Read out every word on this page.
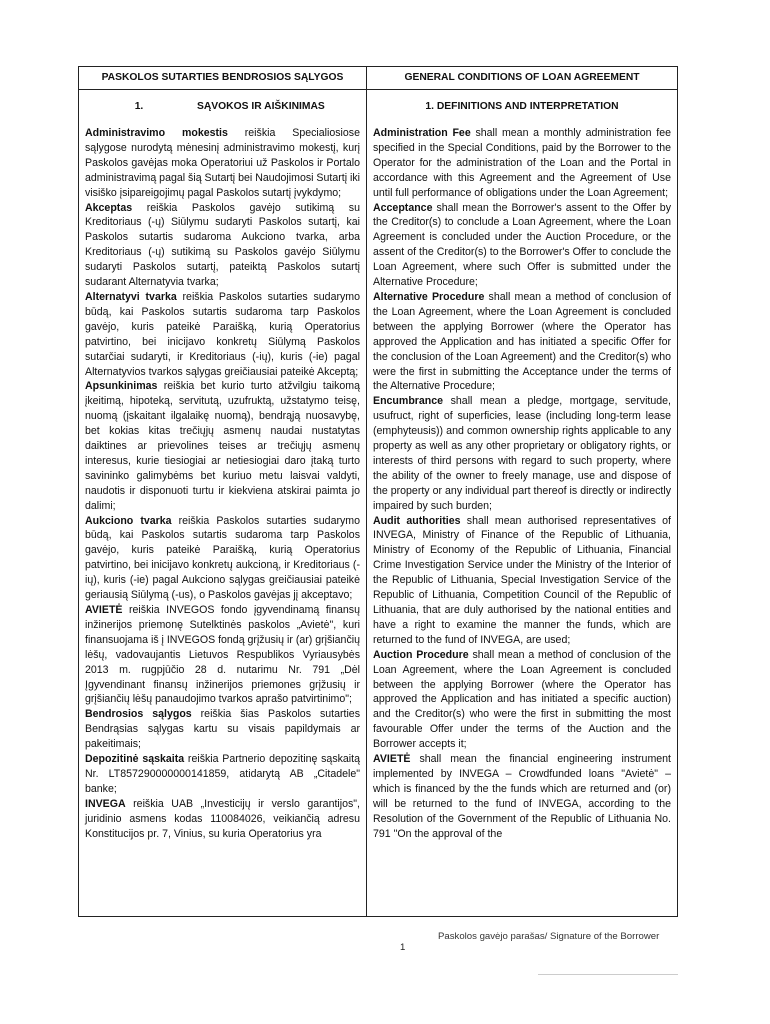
PASKOLOS SUTARTIES BENDROSIOS SĄLYGOS
1.	SĄVOKOS IR AIŠKINIMAS

Administravimo mokestis reiškia Specialiosiose sąlygose nurodytą mėnesinį administravimo mokestį, kurį Paskolos gavėjas moka Operatoriui už Paskolos ir Portalo administravimą pagal šią Sutartį bei Naudojimosi Sutartį iki visiško įsipareigojimų pagal Paskolos sutartį įvykdymo;

Akceptas reiškia Paskolos gavėjo sutikimą su Kreditoriaus (-ų) Siūlymu sudaryti Paskolos sutartį, kai Paskolos sutartis sudaroma Aukciono tvarka, arba Kreditoriaus (-ų) sutikimą su Paskolos gavėjo Siūlymu sudaryti Paskolos sutartį, pateiktą Paskolos sutartį sudarant Alternatyvia tvarka;

Alternatyvi tvarka reiškia Paskolos sutarties sudarymo būdą, kai Paskolos sutartis sudaroma tarp Paskolos gavėjo, kuris pateikė Paraišką, kurią Operatorius patvirtino, bei inicijavo konkretų Siūlymą Paskolos sutarčiai sudaryti, ir Kreditoriaus (-ių), kuris (-ie) pagal Alternatyvios tvarkos sąlygas greičiausiai pateikė Akceptą;

Apsunkinimas reiškia bet kurio turto atžvilgiu taikomą įkeitimą, hipoteką, servitutą, uzufruktą, užstatymo teisę, nuomą (įskaitant ilgalaikę nuomą), bendrąją nuosavybę, bet kokias kitas trečiųjų asmenų naudai nustatytas daiktines ar prievolines teises ar trečiųjų asmenų interesus, kurie tiesiogiai ar netiesiogiai daro įtaką turto savininko galimybėms bet kuriuo metu laisvai valdyti, naudotis ir disponuoti turtu ir kiekviena atskirai paimta jo dalimi;

Aukciono tvarka reiškia Paskolos sutarties sudarymo būdą, kai Paskolos sutartis sudaroma tarp Paskolos gavėjo, kuris pateikė Paraišką, kurią Operatorius patvirtino, bei inicijavo konkretų aukcioną, ir Kreditoriaus (-ių), kuris (-ie) pagal Aukciono sąlygas greičiausiai pateikė geriausią Siūlymą (-us), o Paskolos gavėjas jį akceptavo;

AVIETĖ reiškia INVEGOS fondo įgyvendinamą finansų inžinerijos priemonę Sutelktinės paskolos „Avietė", kuri finansuojama iš į INVEGOS fondą grįžusių ir (ar) grįšiančių lėšų, vadovaujantis Lietuvos Respublikos Vyriausybės 2013 m. rugpjūčio 28 d. nutarimu Nr. 791 „Dėl Įgyvendinant finansų inžinerijos priemones grįžusių ir grįšiančių lėšų panaudojimo tvarkos aprašo patvirtinimo";

Bendrosios sąlygos reiškia šias Paskolos sutarties Bendrąsias sąlygas kartu su visais papildymais ar pakeitimais;

Depozitinė sąskaita reiškia Partnerio depozitinę sąskaitą Nr. LT857290000000141859, atidarytą AB „Citadele" banke;

INVEGA reiškia UAB „Investicijų ir verslo garantijos", juridinio asmens kodas 110084026, veikiančią adresu Konstitucijos pr. 7, Vinius, su kuria Operatorius yra

GENERAL CONDITIONS OF LOAN AGREEMENT
1. DEFINITIONS AND INTERPRETATION

Administration Fee shall mean a monthly administration fee specified in the Special Conditions, paid by the Borrower to the Operator for the administration of the Loan and the Portal in accordance with this Agreement and the Agreement of Use until full performance of obligations under the Loan Agreement;

Acceptance shall mean the Borrower's assent to the Offer by the Creditor(s) to conclude a Loan Agreement, where the Loan Agreement is concluded under the Auction Procedure, or the assent of the Creditor(s) to the Borrower's Offer to conclude the Loan Agreement, where such Offer is submitted under the Alternative Procedure;

Alternative Procedure shall mean a method of conclusion of the Loan Agreement, where the Loan Agreement is concluded between the applying Borrower (where the Operator has approved the Application and has initiated a specific Offer for the conclusion of the Loan Agreement) and the Creditor(s) who were the first in submitting the Acceptance under the terms of the Alternative Procedure;

Encumbrance shall mean a pledge, mortgage, servitude, usufruct, right of superficies, lease (including long-term lease (emphyteusis)) and common ownership rights applicable to any property as well as any other proprietary or obligatory rights, or interests of third persons with regard to such property, where the ability of the owner to freely manage, use and dispose of the property or any individual part thereof is directly or indirectly impaired by such burden;

Audit authorities shall mean authorised representatives of INVEGA, Ministry of Finance of the Republic of Lithuania, Ministry of Economy of the Republic of Lithuania, Financial Crime Investigation Service under the Ministry of the Interior of the Republic of Lithuania, Special Investigation Service of the Republic of Lithuania, Competition Council of the Republic of Lithuania, that are duly authorised by the national entities and have a right to examine the manner the funds, which are returned to the fund of INVEGA, are used;

Auction Procedure shall mean a method of conclusion of the Loan Agreement, where the Loan Agreement is concluded between the applying Borrower (where the Operator has approved the Application and has initiated a specific auction) and the Creditor(s) who were the first in submitting the most favourable Offer under the terms of the Auction and the Borrower accepts it;

AVIETĖ shall mean the financial engineering instrument implemented by INVEGA – Crowdfunded loans "Avietė" – which is financed by the the funds which are returned and (or) will be returned to the fund of INVEGA, according to the Resolution of the Government of the Republic of Lithuania No. 791 "On the approval of the

Paskolos gavėjo parašas/ Signature of the Borrower
1
